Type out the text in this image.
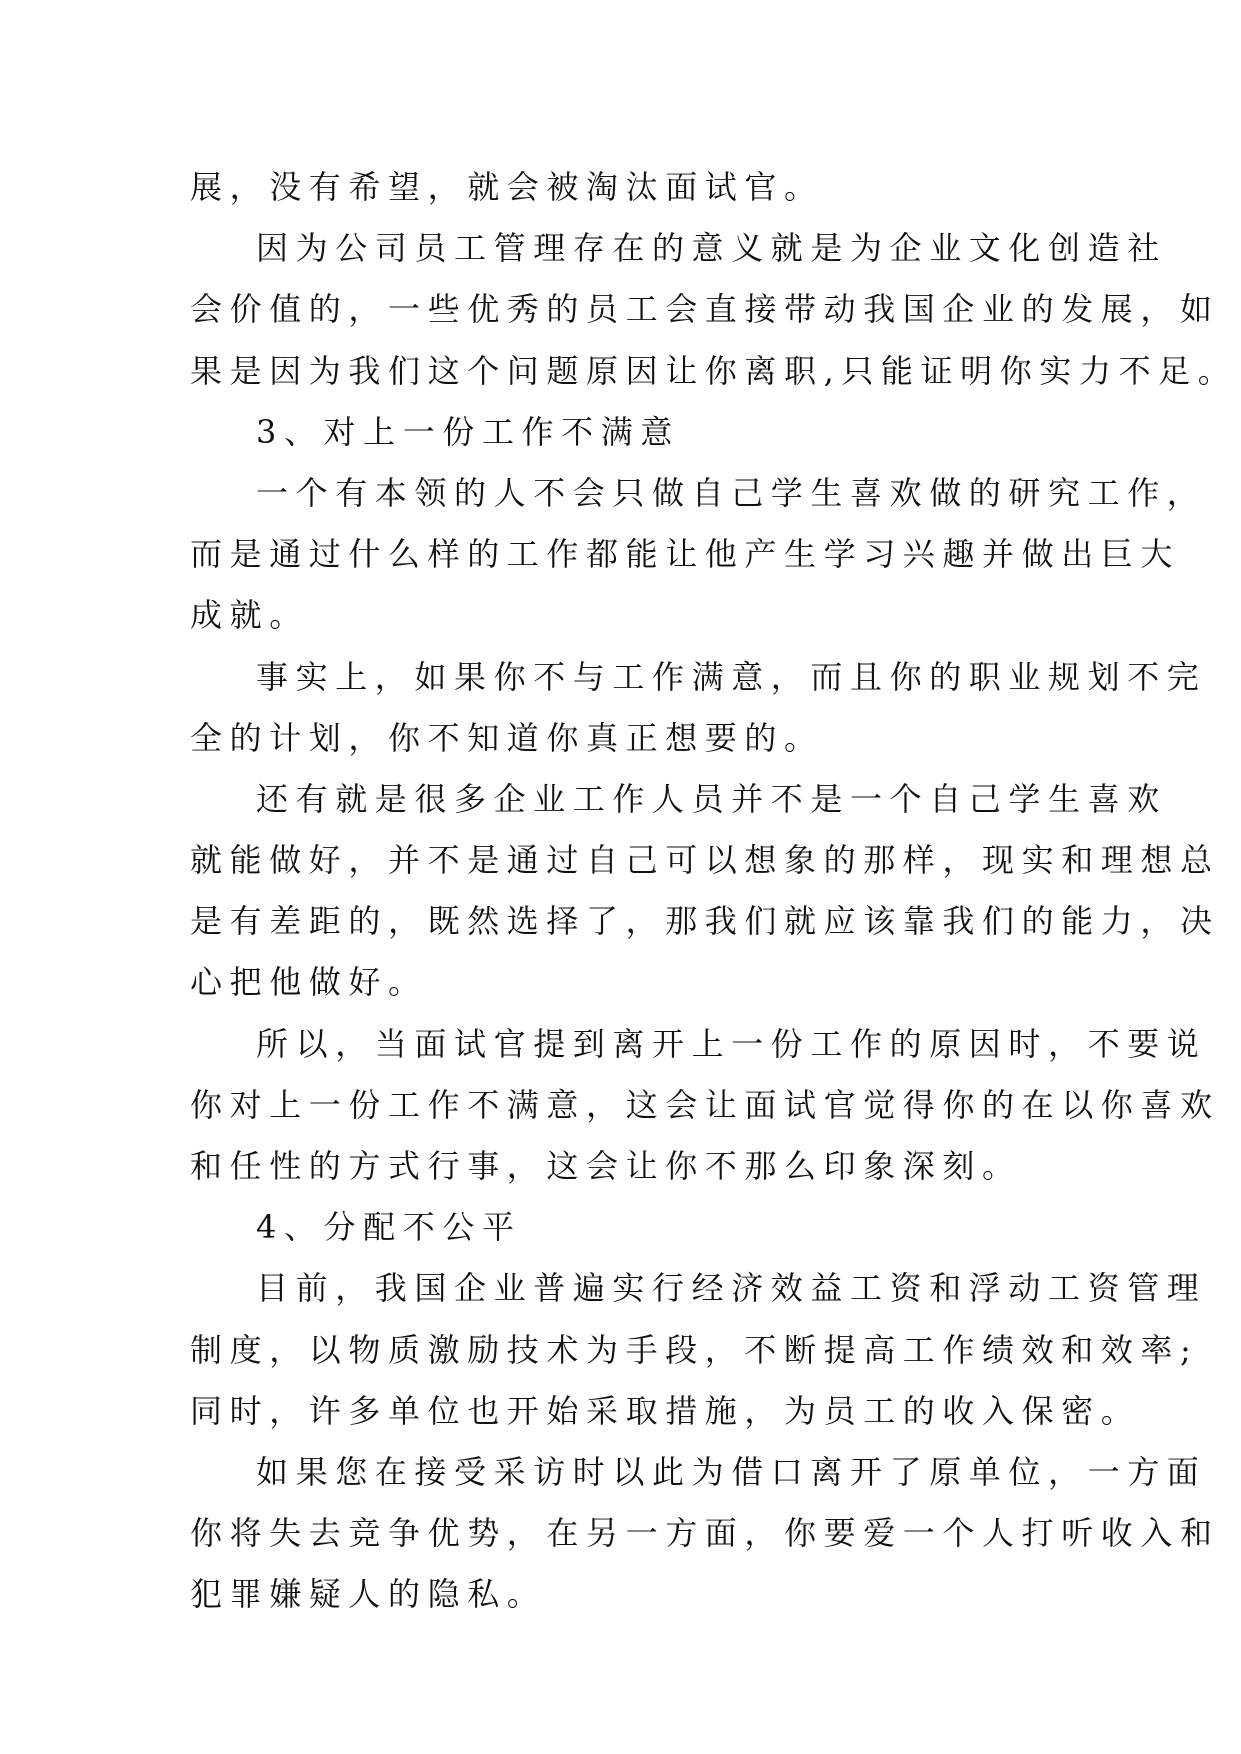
展，没有希望，就会被淘汰面试官。
因为公司员工管理存在的意义就是为企业文化创造社
会价值的，一些优秀的员工会直接带动我国企业的发展，如
果是因为我们这个问题原因让你离职,只能证明你实力不足。
3、对上一份工作不满意
一个有本领的人不会只做自己学生喜欢做的研究工作，
而是通过什么样的工作都能让他产生学习兴趣并做出巨大
成就。
事实上，如果你不与工作满意，而且你的职业规划不完
全的计划，你不知道你真正想要的。
还有就是很多企业工作人员并不是一个自己学生喜欢
就能做好，并不是通过自己可以想象的那样，现实和理想总
是有差距的，既然选择了，那我们就应该靠我们的能力，决
心把他做好。
所以，当面试官提到离开上一份工作的原因时，不要说
你对上一份工作不满意，这会让面试官觉得你的在以你喜欢
和任性的方式行事，这会让你不那么印象深刻。
4、分配不公平
目前，我国企业普遍实行经济效益工资和浮动工资管理
制度，以物质激励技术为手段，不断提高工作绩效和效率;
同时，许多单位也开始采取措施，为员工的收入保密。
如果您在接受采访时以此为借口离开了原单位，一方面
你将失去竞争优势，在另一方面，你要爱一个人打听收入和
犯罪嫌疑人的隐私。
